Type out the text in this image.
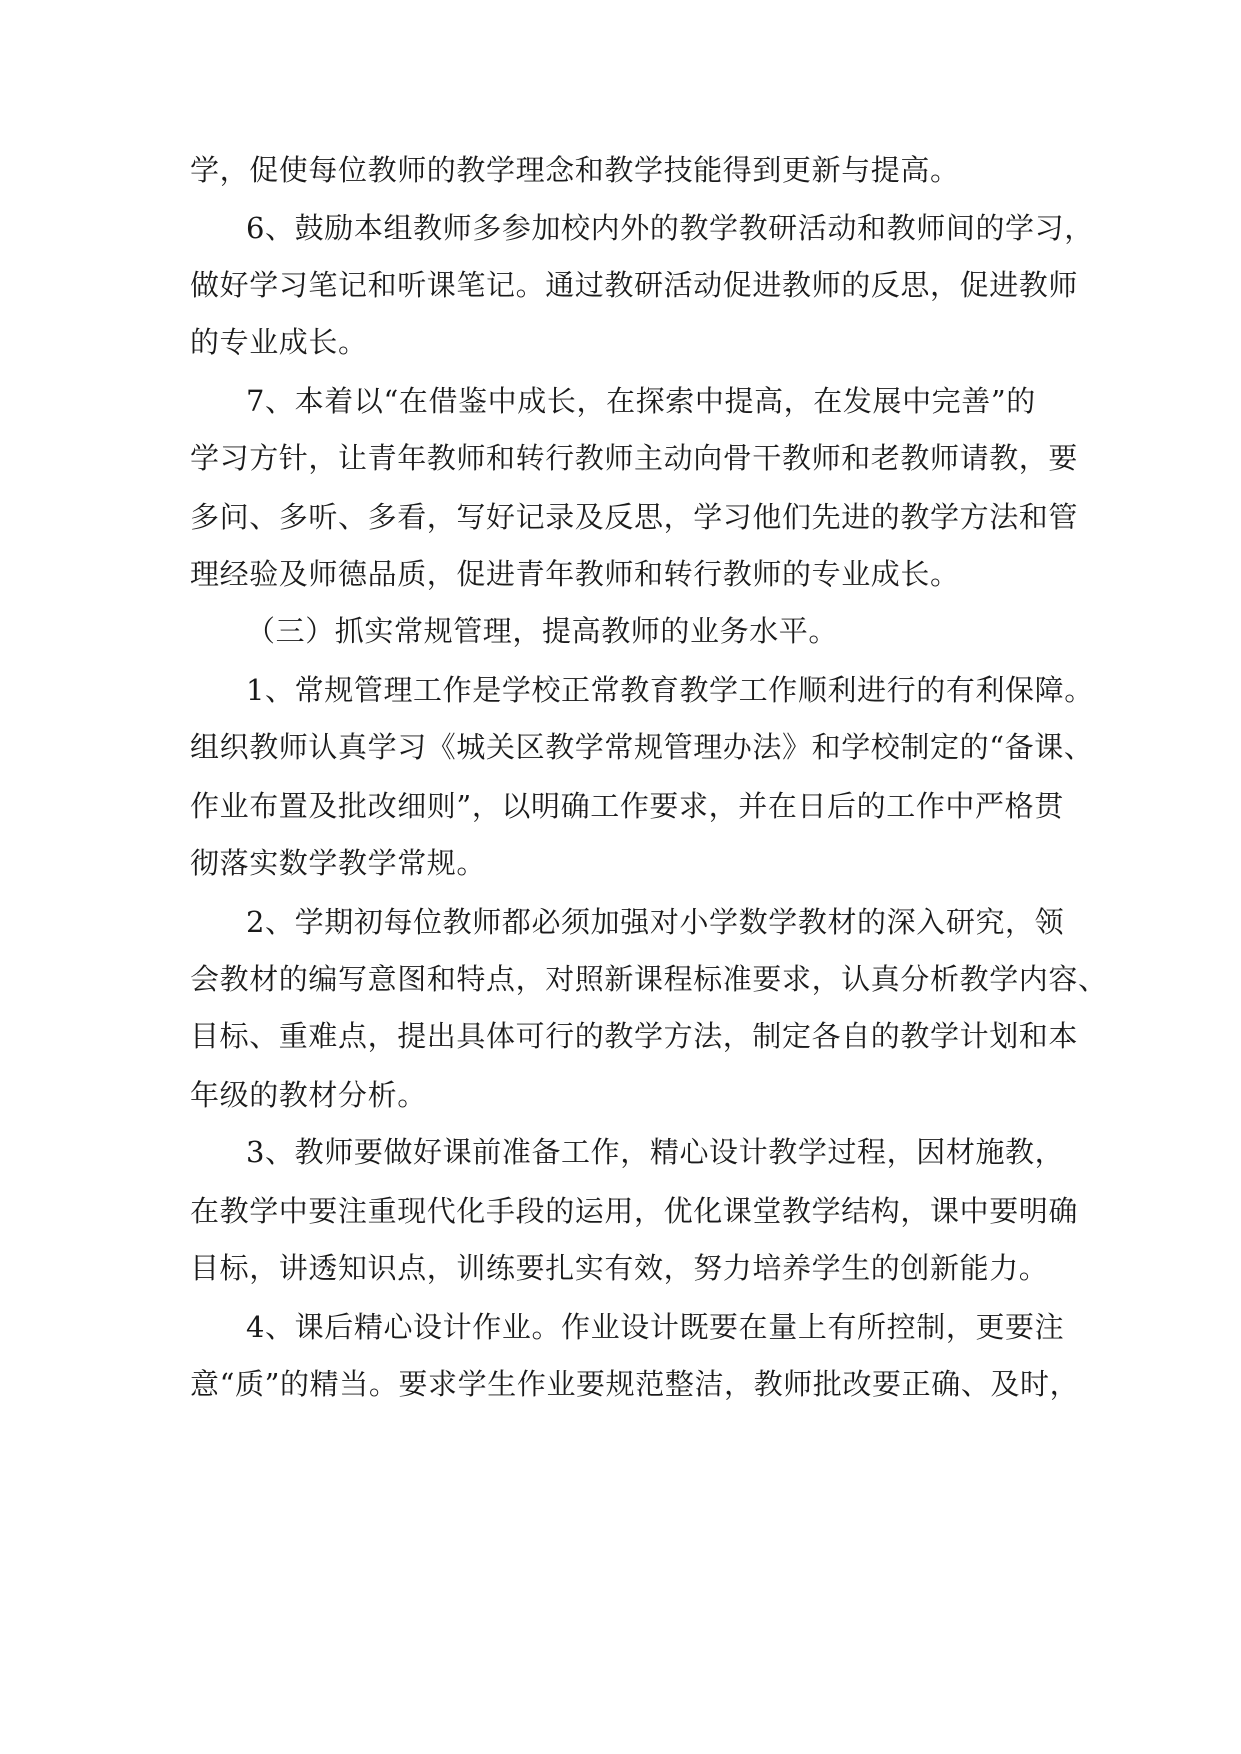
学，促使每位教师的教学理念和教学技能得到更新与提高。
6、鼓励本组教师多参加校内外的教学教研活动和教师间的学习，
做好学习笔记和听课笔记。通过教研活动促进教师的反思，促进教师
的专业成长。
7、本着以“在借鉴中成长，在探索中提高，在发展中完善”的
学习方针，让青年教师和转行教师主动向骨干教师和老教师请教，要
多问、多听、多看，写好记录及反思，学习他们先进的教学方法和管
理经验及师德品质，促进青年教师和转行教师的专业成长。
（三）抓实常规管理，提高教师的业务水平。
1、常规管理工作是学校正常教育教学工作顺利进行的有利保障。
组织教师认真学习《城关区教学常规管理办法》和学校制定的“备课、
作业布置及批改细则”，以明确工作要求，并在日后的工作中严格贯
彻落实数学教学常规。
2、学期初每位教师都必须加强对小学数学教材的深入研究，领
会教材的编写意图和特点，对照新课程标准要求，认真分析教学内容、
目标、重难点，提出具体可行的教学方法，制定各自的教学计划和本
年级的教材分析。
3、教师要做好课前准备工作，精心设计教学过程，因材施教，
在教学中要注重现代化手段的运用，优化课堂教学结构，课中要明确
目标，讲透知识点，训练要扎实有效，努力培养学生的创新能力。
4、课后精心设计作业。作业设计既要在量上有所控制，更要注
意“质”的精当。要求学生作业要规范整洁，教师批改要正确、及时，
